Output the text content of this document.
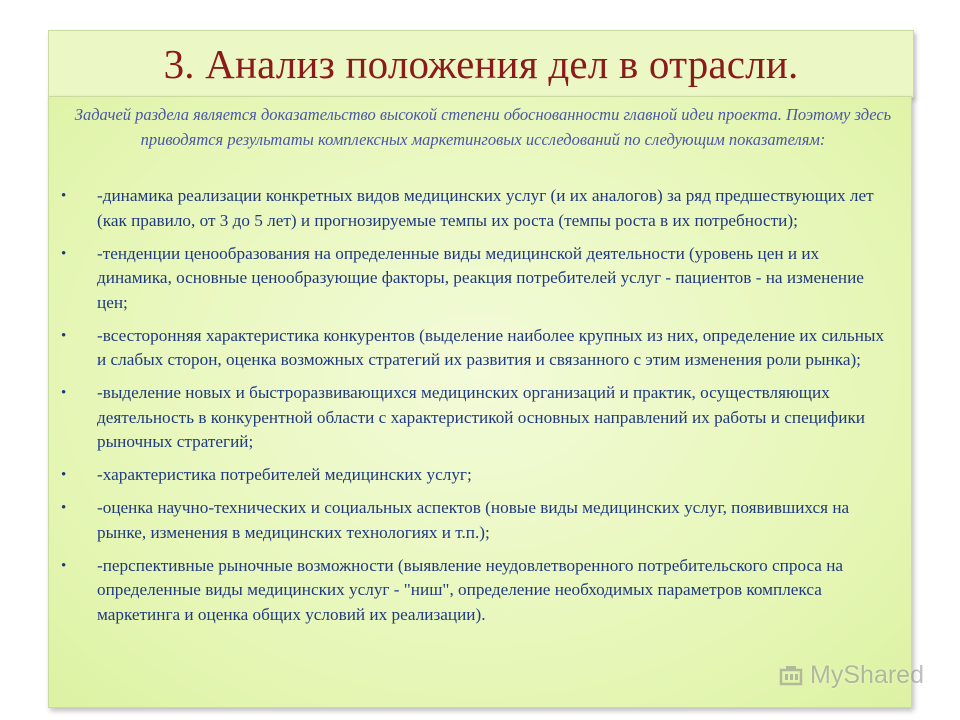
3. Анализ положения дел в отрасли.

Задачей раздела является доказательство высокой степени обоснованности главной идеи проекта. Поэтому здесь приводятся результаты комплексных маркетинговых исследований по следующим показателям:

• -динамика реализации конкретных видов медицинских услуг (и их аналогов) за ряд предшествующих лет (как правило, от 3 до 5 лет) и прогнозируемые темпы их роста (темпы роста в их потребности);
• -тенденции ценообразования на определенные виды медицинской деятельности (уровень цен и их динамика, основные ценообразующие факторы, реакция потребителей услуг - пациентов - на изменение цен;
• -всесторонняя характеристика конкурентов (выделение наиболее крупных из них, определение их сильных и слабых сторон, оценка возможных стратегий их развития и связанного с этим изменения роли рынка);
• -выделение новых и быстроразвивающихся медицинских организаций и практик, осуществляющих деятельность в конкурентной области с характеристикой основных направлений их работы и специфики рыночных стратегий;
• -характеристика потребителей медицинских услуг;
• -оценка научно-технических и социальных аспектов (новые виды медицинских услуг, появившихся на рынке, изменения в медицинских технологиях и т.п.);
• -перспективные рыночные возможности (выявление неудовлетворенного потребительского спроса на определенные виды медицинских услуг - "ниш", определение необходимых параметров комплекса маркетинга и оценка общих условий их реализации).
MyShared
